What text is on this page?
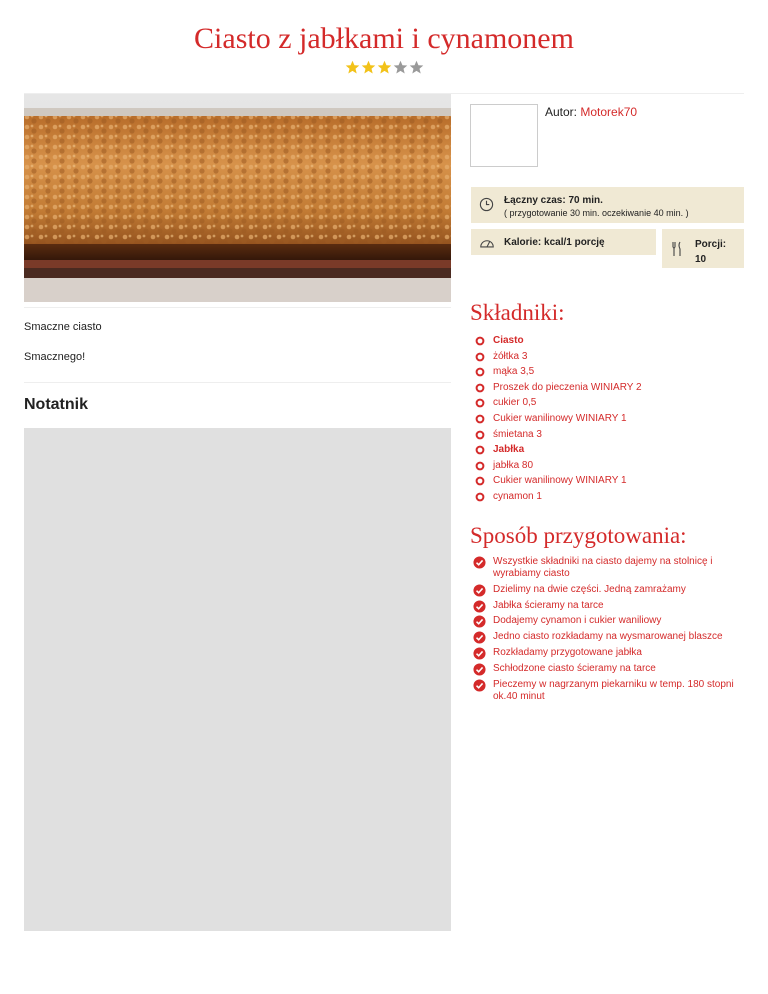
Ciasto z jabłkami i cynamonem
Autor: Motorek70
Łączny czas: 70 min.
( przygotowanie 30 min. oczekiwanie 40 min. )
Kalorie: kcal/1 porcję	Porcji:
10
Smaczne ciasto
Smacznego!
Notatnik
Składniki:
Ciasto
żółtka 3
mąka 3,5
Proszek do pieczenia WINIARY 2
cukier 0,5
Cukier wanilinowy WINIARY 1
śmietana 3
Jabłka
jabłka 80
Cukier wanilinowy WINIARY 1
cynamon 1
Sposób przygotowania:
Wszystkie składniki na ciasto dajemy na stolnicę i wyrabiamy ciasto
Dzielimy na dwie części. Jedną zamrażamy
Jabłka ścieramy na tarce
Dodajemy cynamon i cukier waniliowy
Jedno ciasto rozkładamy na wysmarowanej blaszce
Rozkładamy przygotowane jabłka
Schłodzone ciasto ścieramy na tarce
Pieczemy w nagrzanym piekarniku w temp. 180 stopni ok.40 minut
